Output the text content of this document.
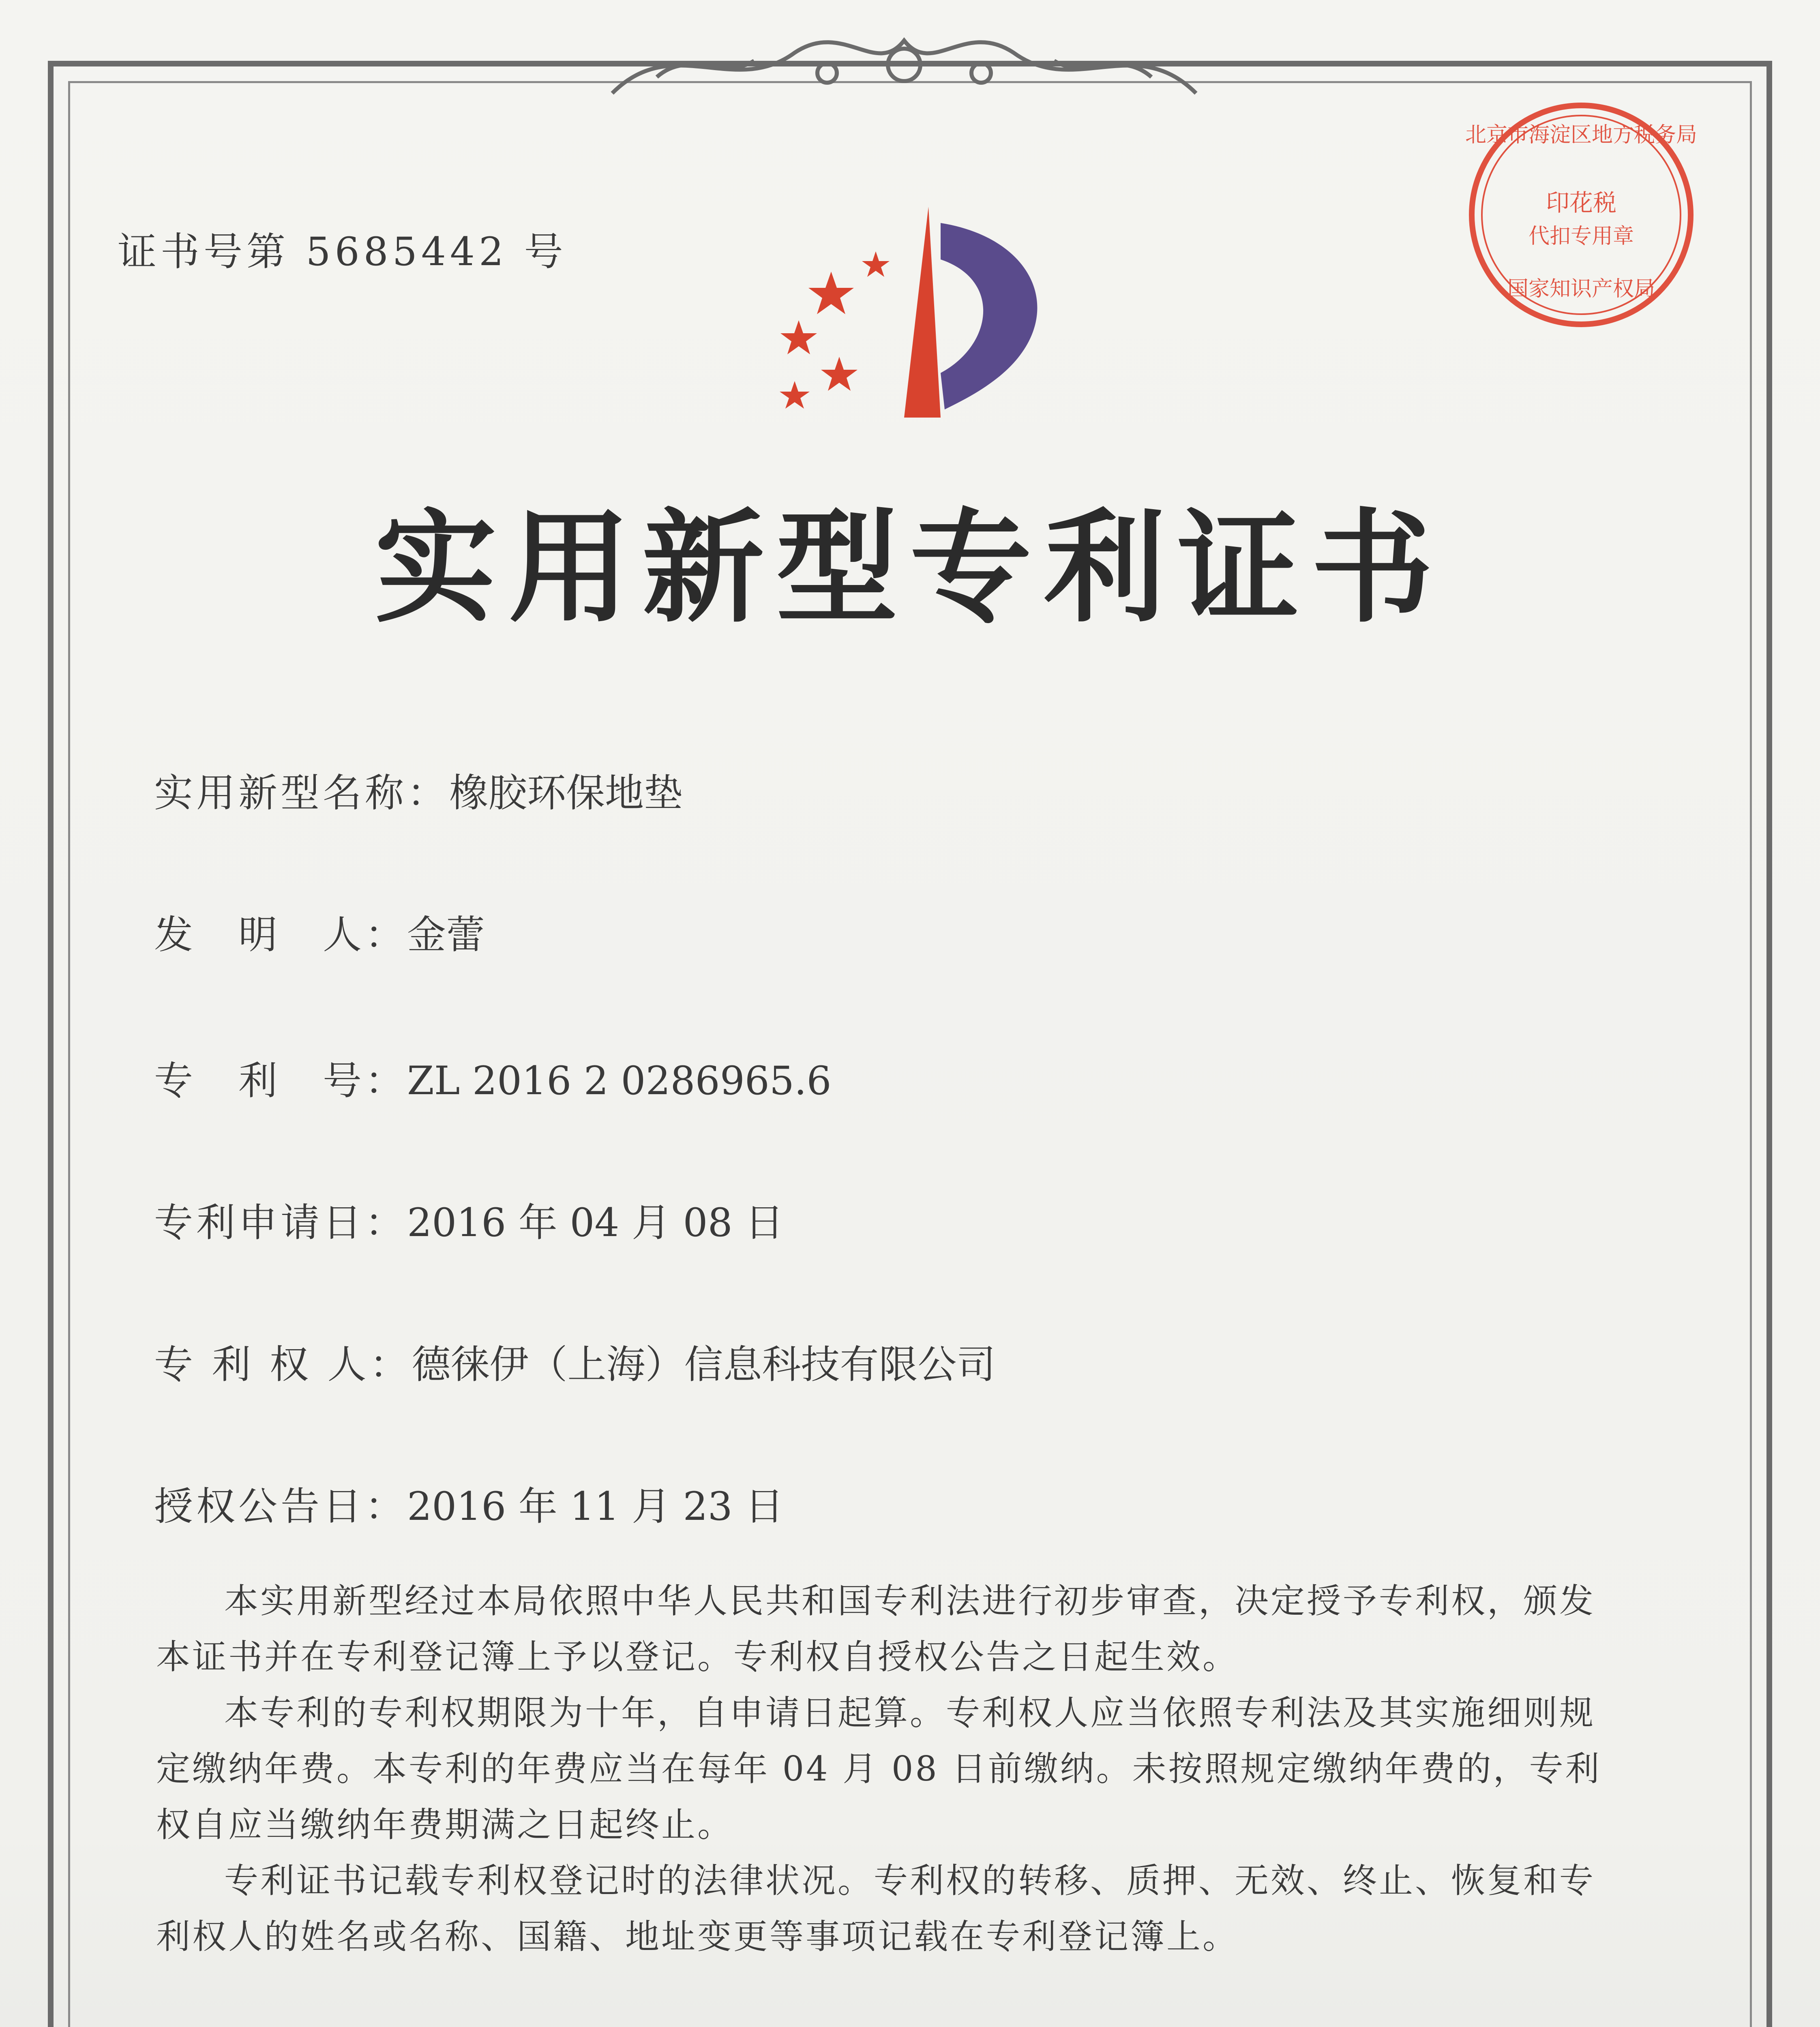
证书号第 5685442 号
北京市海淀区地方税务局
印花税
代扣专用章
国家知识产权局
实用新型专利证书
实用新型名称：橡胶环保地垫
发　明　人：金蕾
专　利　号：ZL 2016 2 0286965.6
专利申请日：2016 年 04 月 08 日
专 利 权 人：德徕伊（上海）信息科技有限公司
授权公告日：2016 年 11 月 23 日

本实用新型经过本局依照中华人民共和国专利法进行初步审查，决定授予专利权，颁发本证书并在专利登记簿上予以登记。专利权自授权公告之日起生效。

本专利的专利权期限为十年，自申请日起算。专利权人应当依照专利法及其实施细则规定缴纳年费。本专利的年费应当在每年 04 月 08 日前缴纳。未按照规定缴纳年费的，专利权自应当缴纳年费期满之日起终止。

专利证书记载专利权登记时的法律状况。专利权的转移、质押、无效、终止、恢复和专利权人的姓名或名称、国籍、地址变更等事项记载在专利登记簿上。
